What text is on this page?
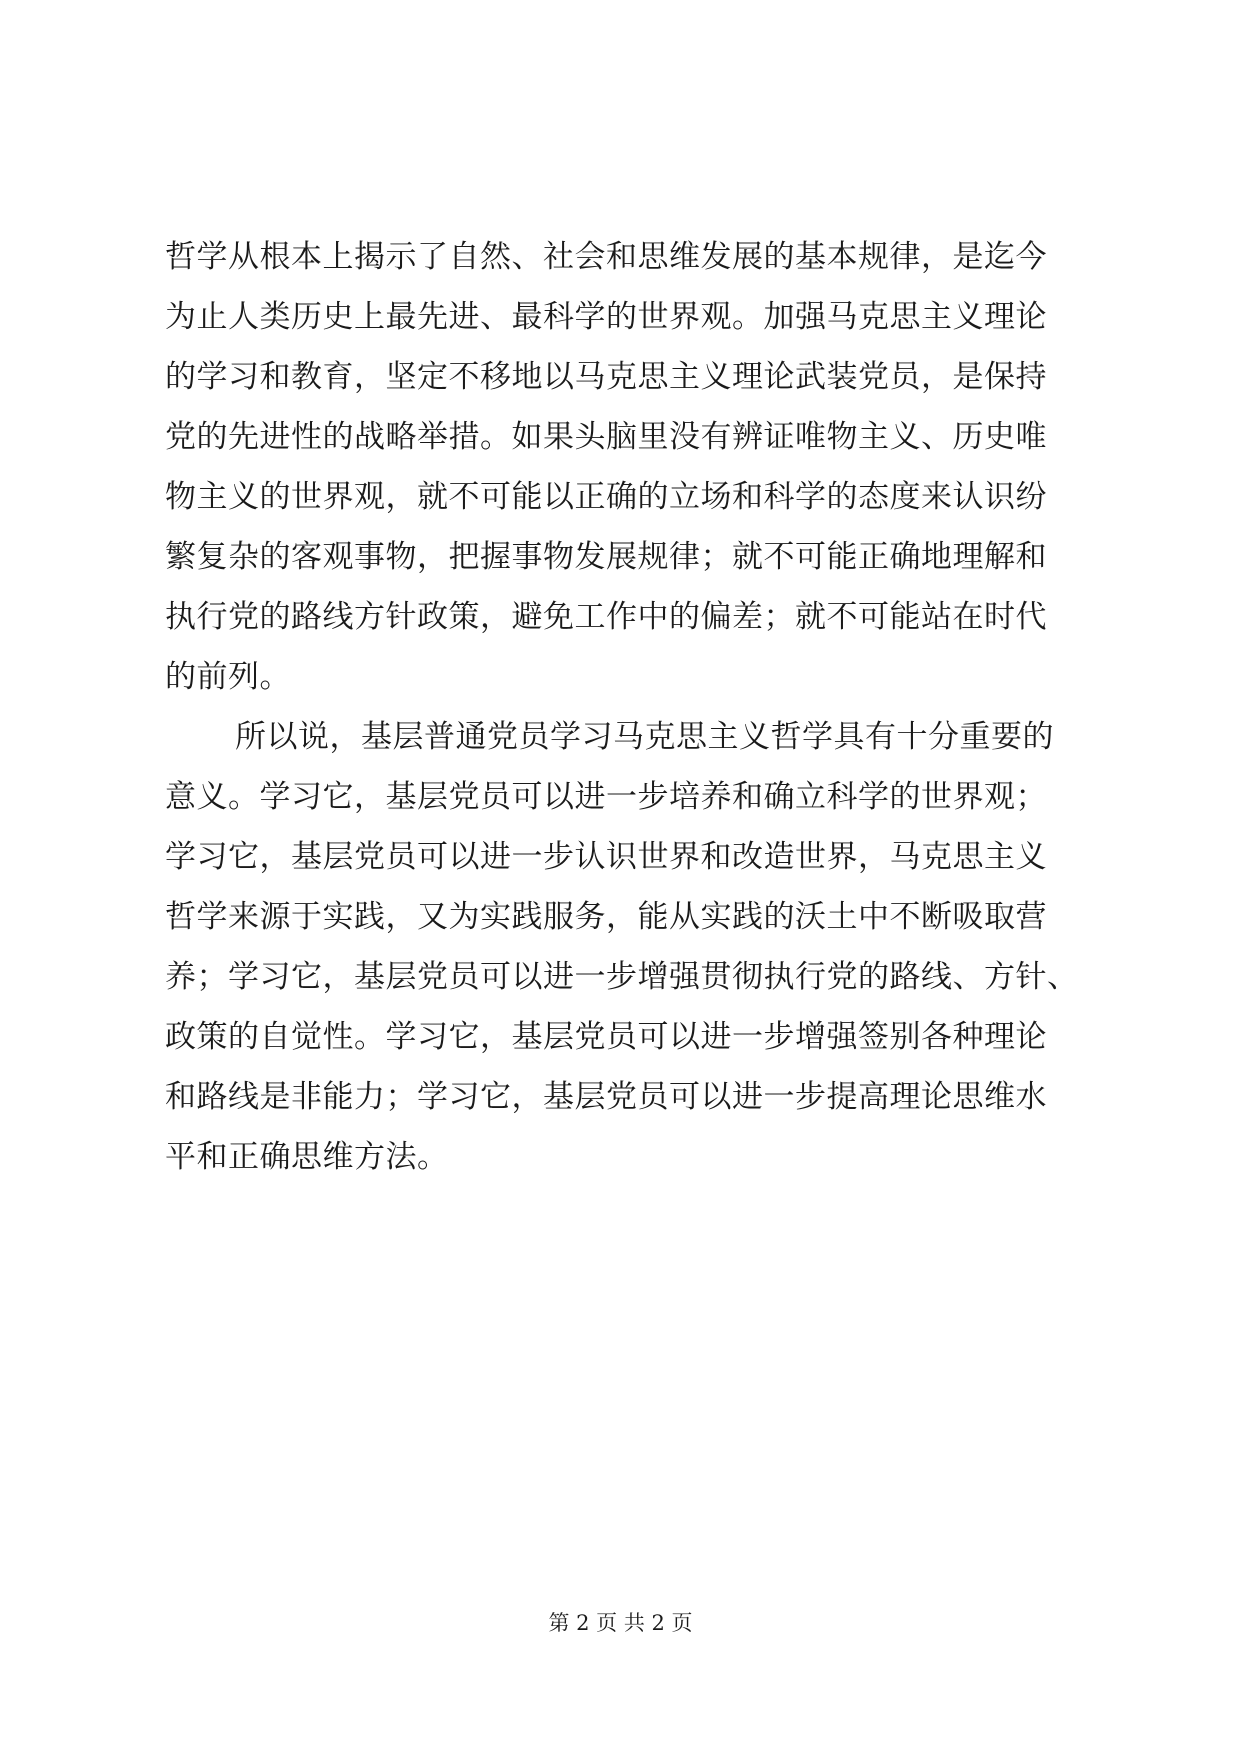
哲学从根本上揭示了自然、社会和思维发展的基本规律，是迄今
为止人类历史上最先进、最科学的世界观。加强马克思主义理论
的学习和教育，坚定不移地以马克思主义理论武装党员，是保持
党的先进性的战略举措。如果头脑里没有辨证唯物主义、历史唯
物主义的世界观，就不可能以正确的立场和科学的态度来认识纷
繁复杂的客观事物，把握事物发展规律；就不可能正确地理解和
执行党的路线方针政策，避免工作中的偏差；就不可能站在时代
的前列。
所以说，基层普通党员学习马克思主义哲学具有十分重要的
意义。学习它，基层党员可以进一步培养和确立科学的世界观；
学习它，基层党员可以进一步认识世界和改造世界，马克思主义
哲学来源于实践，又为实践服务，能从实践的沃土中不断吸取营
养；学习它，基层党员可以进一步增强贯彻执行党的路线、方针、
政策的自觉性。学习它，基层党员可以进一步增强签别各种理论
和路线是非能力；学习它，基层党员可以进一步提高理论思维水
平和正确思维方法。
第 2 页 共 2 页
